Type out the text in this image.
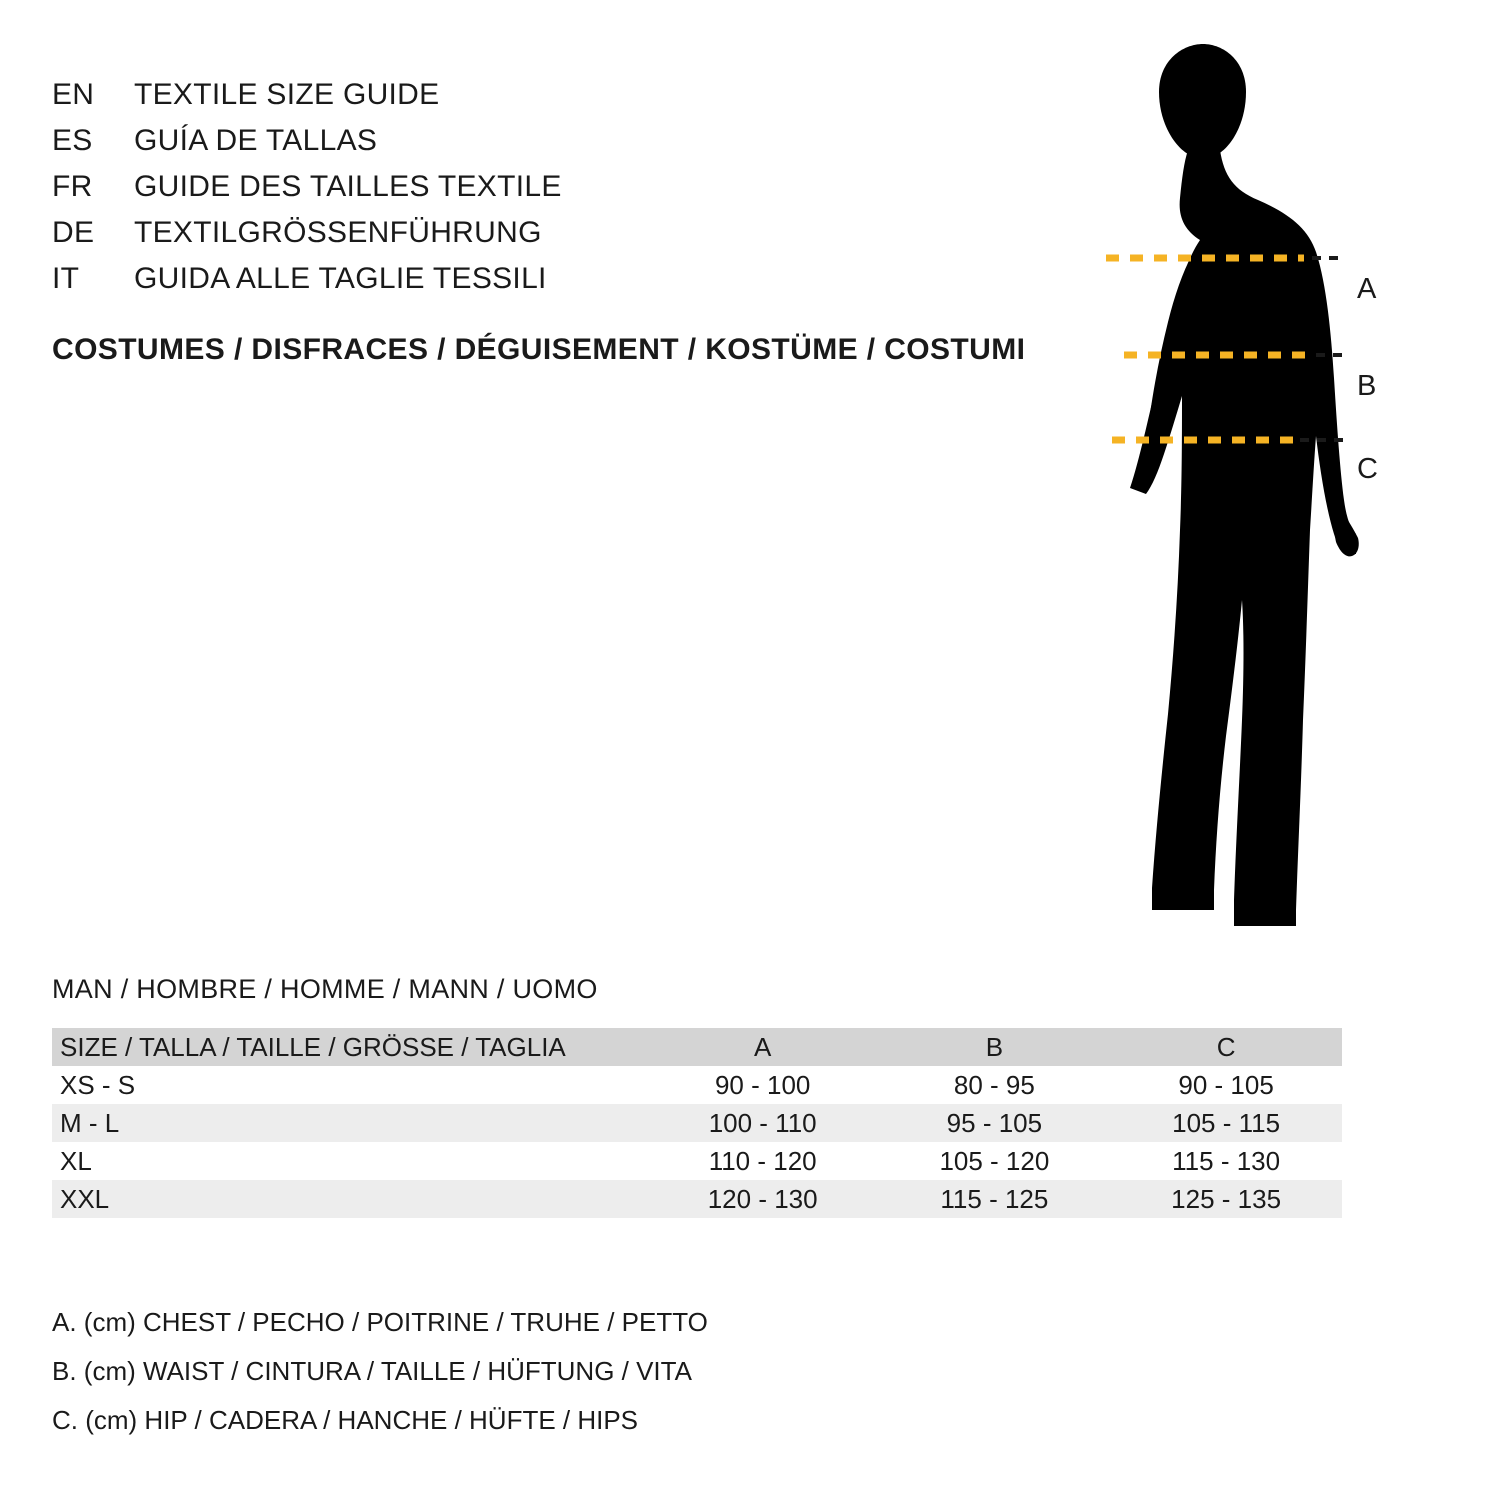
EN	TEXTILE SIZE GUIDE
ES	GUÍA DE TALLAS
FR	GUIDE DES TAILLES TEXTILE
DE	TEXTILGRÖSSENFÜHRUNG
IT	GUIDA ALLE TAGLIE TESSILI
COSTUMES / DISFRACES / DÉGUISEMENT / KOSTÜME / COSTUMI
A
B
C
MAN / HOMBRE / HOMME / MANN / UOMO
SIZE / TALLA / TAILLE / GRÖSSE / TAGLIA	A	B	C
XS - S	90 - 100	80 - 95	90 - 105
M - L	100 - 110	95 - 105	105 - 115
XL	110 - 120	105 - 120	115 - 130
XXL	120 - 130	115 - 125	125 - 135
A. (cm) CHEST / PECHO / POITRINE / TRUHE / PETTO
B. (cm) WAIST / CINTURA / TAILLE / HÜFTUNG / VITA
C. (cm) HIP / CADERA / HANCHE / HÜFTE / HIPS
